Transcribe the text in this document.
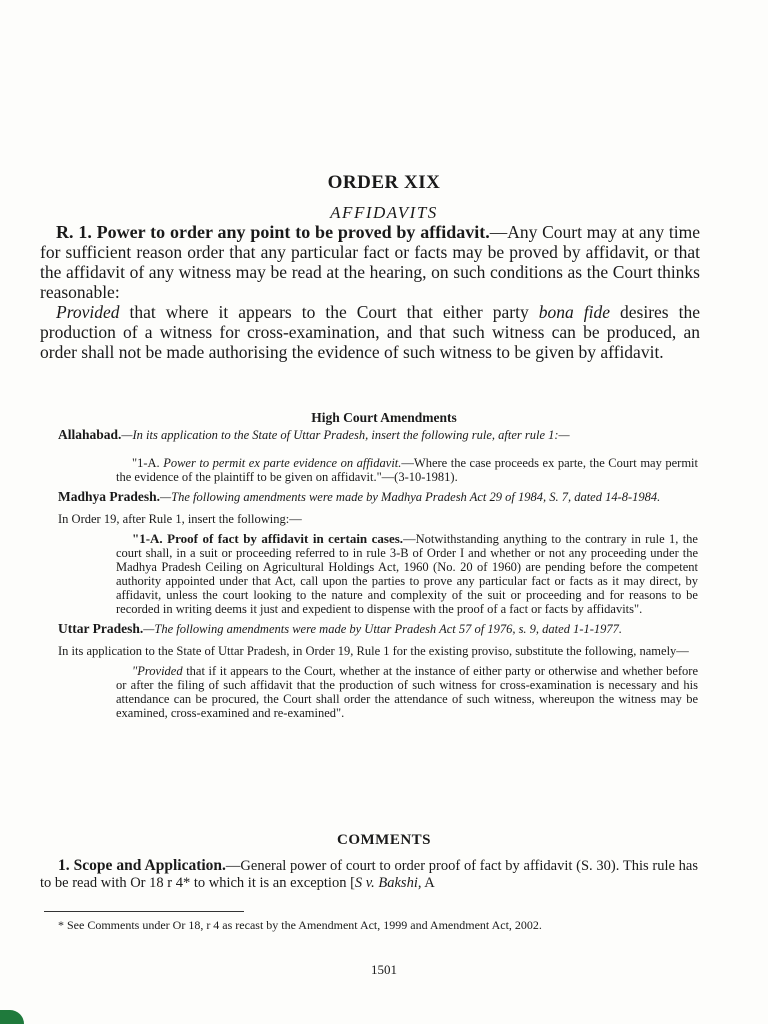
ORDER XIX
AFFIDAVITS

R. 1. Power to order any point to be proved by affidavit.—Any Court may at any time for sufficient reason order that any particular fact or facts may be proved by affidavit, or that the affidavit of any witness may be read at the hearing, on such conditions as the Court thinks reasonable:

Provided that where it appears to the Court that either party bona fide desires the production of a witness for cross-examination, and that such witness can be produced, an order shall not be made authorising the evidence of such witness to be given by affidavit.

High Court Amendments

Allahabad.—In its application to the State of Uttar Pradesh, insert the following rule, after rule 1:—

"1-A. Power to permit ex parte evidence on affidavit.—Where the case proceeds ex parte, the Court may permit the evidence of the plaintiff to be given on affidavit."—(3-10-1981).

Madhya Pradesh.—The following amendments were made by Madhya Pradesh Act 29 of 1984, S. 7, dated 14-8-1984.

In Order 19, after Rule 1, insert the following:—

"1-A. Proof of fact by affidavit in certain cases.—Notwithstanding anything to the contrary in rule 1, the court shall, in a suit or proceeding referred to in rule 3-B of Order I and whether or not any proceeding under the Madhya Pradesh Ceiling on Agricultural Holdings Act, 1960 (No. 20 of 1960) are pending before the competent authority appointed under that Act, call upon the parties to prove any particular fact or facts as it may direct, by affidavit, unless the court looking to the nature and complexity of the suit or proceeding and for reasons to be recorded in writing deems it just and expedient to dispense with the proof of a fact or facts by affidavits".

Uttar Pradesh.—The following amendments were made by Uttar Pradesh Act 57 of 1976, s. 9, dated 1-1-1977.

In its application to the State of Uttar Pradesh, in Order 19, Rule 1 for the existing proviso, substitute the following, namely—

"Provided that if it appears to the Court, whether at the instance of either party or otherwise and whether before or after the filing of such affidavit that the production of such witness for cross-examination is necessary and his attendance can be procured, the Court shall order the attendance of such witness, whereupon the witness may be examined, cross-examined and re-examined".

COMMENTS

1. Scope and Application.—General power of court to order proof of fact by affidavit (S. 30). This rule has to be read with Or 18 r 4* to which it is an exception [S v. Bakshi, A

* See Comments under Or 18, r 4 as recast by the Amendment Act, 1999 and Amendment Act, 2002.
1501
